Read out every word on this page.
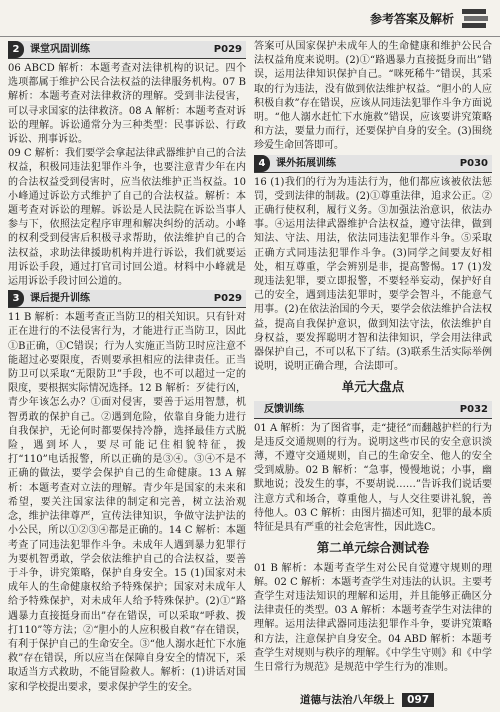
参考答案及解析
2	课堂巩固训练	P029

06 ABCD 解析：本题考查对法律机构的识记。四个选项都属于维护公民合法权益的法律服务机构。07 B 解析：本题考查对法律救济的理解。受到非法侵害，可以寻求国家的法律救济。08 A 解析：本题考查对诉讼的理解。诉讼通常分为三种类型：民事诉讼、行政诉讼、刑事诉讼。

09 C 解析：我们要学会拿起法律武器维护自己的合法权益，积极同违法犯罪作斗争，也要注意青少年在内的合法权益受到侵害时，应当依法维护正当权益。10 小峰通过诉讼方式维护了自己的合法权益。解析：本题考查对诉讼的理解。诉讼是人民法院在诉讼当事人参与下，依照法定程序审理和解决纠纷的活动。小峰的权利受到侵害后积极寻求帮助，依法维护自己的合法权益，求助法律援助机构并进行诉讼，我们就要运用诉讼手段，通过打官司讨回公道。材料中小峰就是运用诉讼手段讨回公道的。

3	课后提升训练	P029

11 B 解析：本题考查正当防卫的相关知识。只有针对正在进行的不法侵害行为，才能进行正当防卫，因此①B正确，①C错误；行为人实施正当防卫时应注意不能超过必要限度，否则要承担相应的法律责任。正当防卫可以采取“无限防卫”手段，也不可以超过一定的限度，要根据实际情况选择。12 B 解析：歹徒行凶，青少年该怎么办？①面对侵害，要善于运用智慧，机智勇敢的保护自己。②遇到危险，依靠自身能力进行自我保护，无论何时都要保持冷静，选择最佳方式脱险，遇到坏人，要尽可能记住相貌特征，拨打“110”电话报警，所以正确的是③④。③④不是不正确的做法，要学会保护自己的生命健康。13 A 解析：本题考查对立法的理解。青少年是国家的未来和希望，要关注国家法律的制定和完善，树立法治观念，维护法律尊严，宣传法律知识，争做守法护法的小公民，所以①②③④都是正确的。14 C 解析：本题考查了同违法犯罪作斗争。未成年人遇到暴力犯罪行为要机智勇敢，学会依法维护自己的合法权益，要善于斗争，讲究策略，保护自身安全。15 (1)国家对未成年人的生命健康权给予特殊保护；国家对未成年人给予特殊保护，对未成年人给予特殊保护。(2)①“路遇暴力直接挺身而出”存在错误，可以采取“呼救、拨打110”等方法；②“胆小的人应积极自救”存在错误，有利于保护自己的生命安全。③“他人溺水赶忙下水施救”存在错误，所以应当在保障自身安全的情况下，采取适当方式救助，不能冒险救人。解析：(1)讲话对国家和学校提出要求，要求保护学生的安全。

答案可从国家保护未成年人的生命健康和维护公民合法权益角度来说明。(2)①“路遇暴力直接挺身而出”错误，运用法律知识保护自己。“咪死稀牛”错误，其采取的行为违法，没有做到依法维护权益。“胆小的人应积极自救”存在错误，应该从同违法犯罪作斗争方面说明。“他人溺水赶忙下水施救”错误，应该要讲究策略和方法，要量力而行，还要保护自身的安全。(3)围绕珍爱生命回答即可。

4	课外拓展训练	P030

16 (1)我们的行为为违法行为，他们都应该被依法惩罚，受到法律的制裁。(2)①尊重法律，追求公正。②正确行使权利，履行义务。③加强法治意识，依法办事。④运用法律武器维护合法权益，遵守法律，做到知法、守法、用法，依法同违法犯罪作斗争。⑤采取正确方式同违法犯罪作斗争。(3)同学之间要友好相处，相互尊重，学会辨别是非，提高警惕。17 (1)发现违法犯罪，要立即报警，不要轻举妄动，保护好自己的安全，遇到违法犯罪时，要学会智斗，不能意气用事。(2)在依法治国的今天，要学会依法维护合法权益，提高自我保护意识，做到知法守法，依法维护自身权益，要发挥聪明才智和法律知识，学会用法律武器保护自己，不可以私下了结。(3)联系生活实际举例说明，说明正确合理，合法即可。

单元大盘点
反馈训练	P032

01 A 解析：为了图省事，走“捷径”而翻越护栏的行为是违反交通规则的行为。说明这些市民的安全意识淡薄，不遵守交通规则，自己的生命安全、他人的安全受到威胁。02 B 解析：“急事，慢慢地说；小事，幽默地说；没发生的事，不要胡说……”告诉我们说话要注意方式和场合，尊重他人，与人交往要讲礼貌，善待他人。03 C 解析：由图片描述可知，犯罪的最本质特征是具有严重的社会危害性，因此选C。

第二单元综合测试卷

01 B 解析：本题考查学生对公民自觉遵守规则的理解。02 C 解析：本题考查学生对违法的认识。主要考查学生对违法知识的理解和运用，并且能够正确区分法律责任的类型。03 A 解析：本题考查学生对法律的理解。运用法律武器同违法犯罪作斗争，要讲究策略和方法，注意保护自身安全。04 ABD 解析：本题考查学生对规则与秩序的理解。《中学生守则》和《中学生日常行为规范》是规范中学生行为的准则。

道德与法治八年级上 097
